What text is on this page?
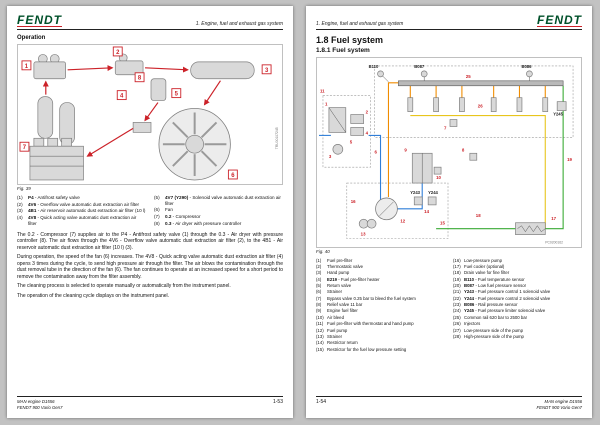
FENDT	1. Engine, fuel and exhaust gas system
Operation
1
2
3
4	5
6
7
8
TRU00107245
Fig. 39
(1)	P4 - Antifrost safety valve
(2)	4V6 - Overflow valve automatic dust extraction air filter
(3)	4B1 - Air reservoir automatic dust extraction air filter (10 l)
(4)	4V8 - Quick acting valve automatic dust extraction air filter
(5)	4V7 (Y290) - Solenoid valve automatic dust extraction air filter
(6)	Fan
(7)	0.2 - Compressor
(8)	0.3 - Air dryer with pressure controller

The 0.2 - Compressor (7) supplies air to the P4 - Antifrost safety valve (1) through the 0.3 - Air dryer with pressure controller (8). The air flows through the 4V6 - Overflow valve automatic dust extraction air filter (2), to the 4B1 - Air reservoir automatic dust extraction air filter (10 l) (3).

During operation, the speed of the fan (6) increases. The 4V8 - Quick acting valve automatic dust extraction air filter (4) opens 3 times during the cycle, to send high pressure air through the filter. The air blows the contamination through the dust removal tube in the direction of the fan (6). The fan continues to operate at an increased speed for a short period to remove the contamination away from the filter assembly.

The cleaning process is selected to operate manually or automatically from the instrument panel.

The operation of the cleaning cycle displays on the instrument panel.

MAN engine D1556
FENDT 900 Vario Gen7
1-53
1. Engine, fuel and exhaust gas system	FENDT
1.8 Fuel system
1.8.1 Fuel system
1
2
3
4
5
6
7
8
9
10
11
12
13
14
15
16
17
18
19
25
26
B110	B087
Y243 Y244
B086
Y245
PC0200162
Fig. 40
(1)	Fuel pre-filter
(2)	Thermostatic valve
(3)	Hand pump
(4)	E219 - Fuel pre-filter heater
(5)	Return valve
(6)	Strainer
(7)	Bypass valve 0.25 bar to bleed the fuel system
(8)	Relief valve 11 bar
(9)	Engine fuel filter
(10) Air bleed
(11) Fuel pre-filter with thermostat and hand pump
(12) Fuel pump
(13) Strainer
(14) Restrictor return
(15) Restrictor for the fuel low pressure setting
(16) Low-pressure pump
(17) Fuel cooler (optional)
(18) Drain valve for fine filter
(19) B110 - Fuel temperature sensor
(20) B087 - Low fuel pressure sensor
(21) Y243 - Fuel pressure control 1 solenoid valve
(22) Y244 - Fuel pressure control 2 solenoid valve
(23) B086 - Rail pressure sensor
(24) Y245 - Fuel pressure limiter solenoid valve
(25) Common rail 620 bar to 2500 bar
(26) Injectors
(27) Low-pressure side of the pump
(28) High-pressure side of the pump
1-54	MAN engine D1556
FENDT 900 Vario Gen7
